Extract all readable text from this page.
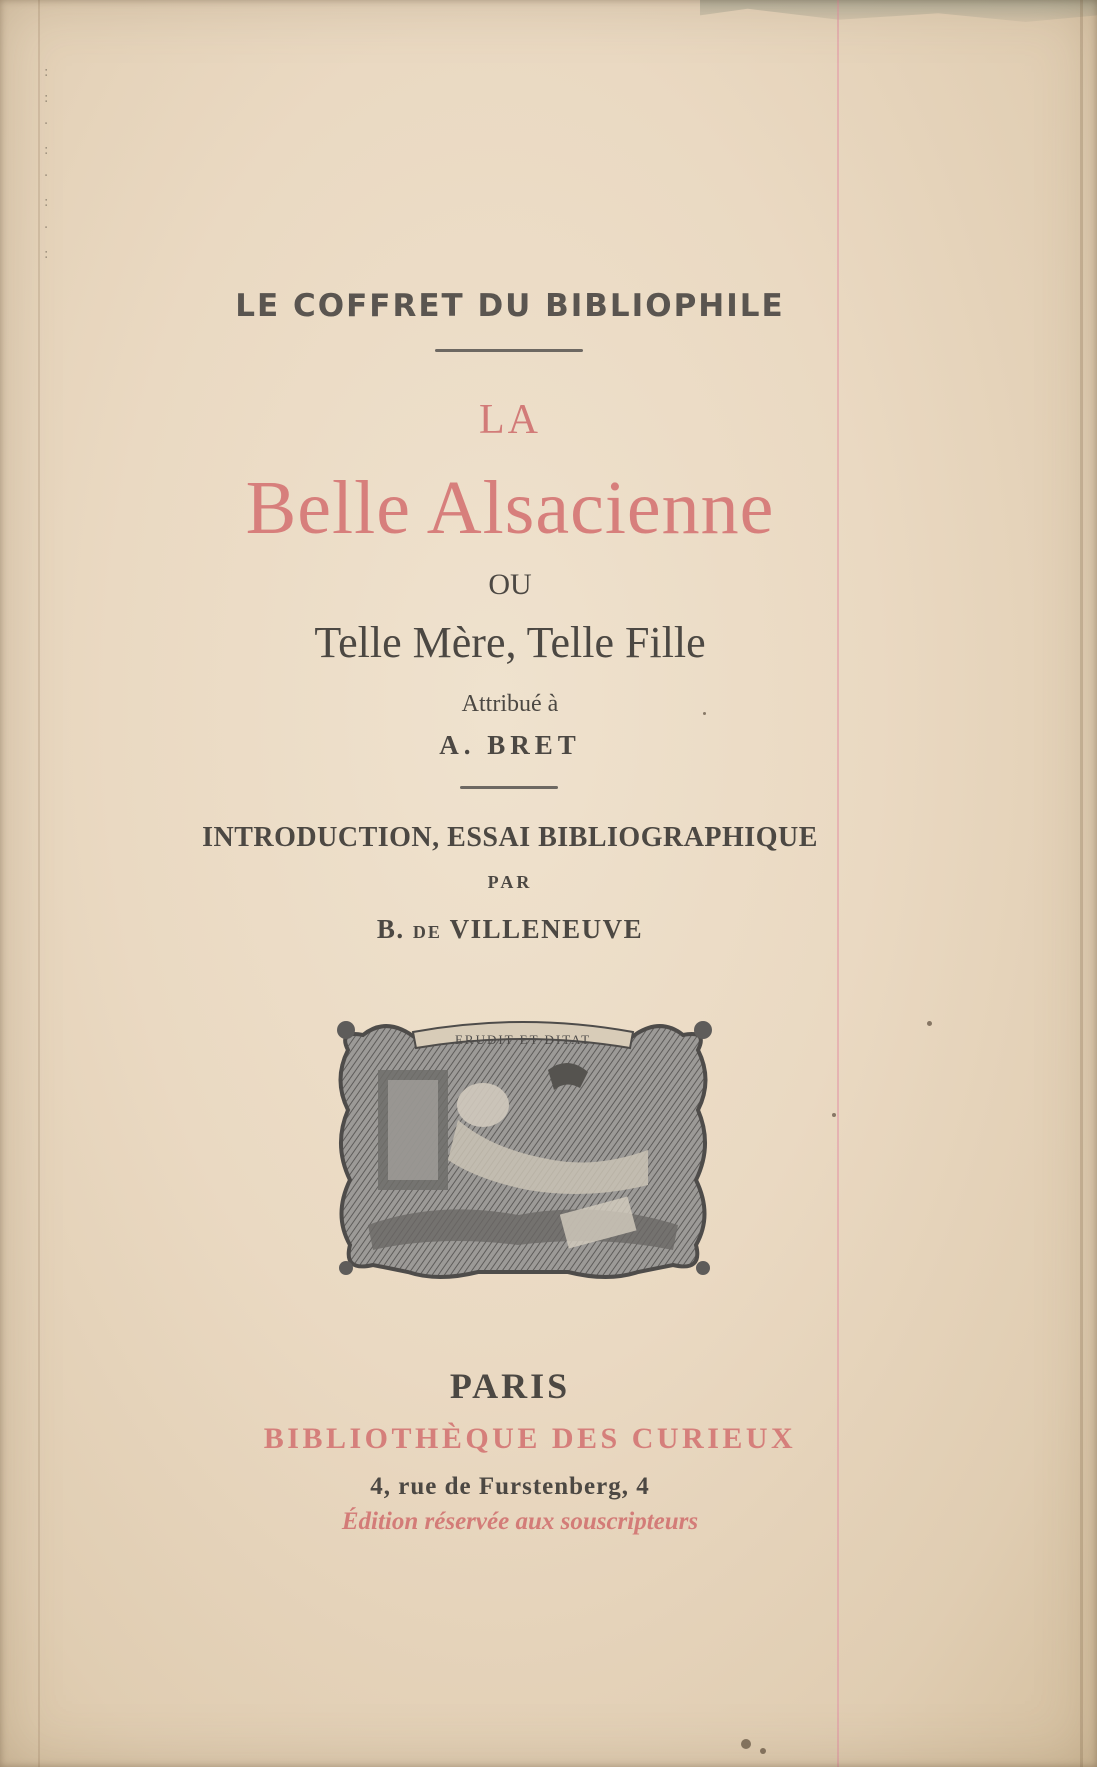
:
:
·
:
·
:
·
:
LE COFFRET DU BIBLIOPHILE
LA
Belle Alsacienne
OU
Telle Mère, Telle Fille
Attribué à
A. BRET
INTRODUCTION, ESSAI BIBLIOGRAPHIQUE
PAR
B. DE VILLENEUVE
ERUDIT ET DITAT
PARIS
BIBLIOTHÈQUE DES CURIEUX
4, rue de Furstenberg, 4
Édition réservée aux souscripteurs
